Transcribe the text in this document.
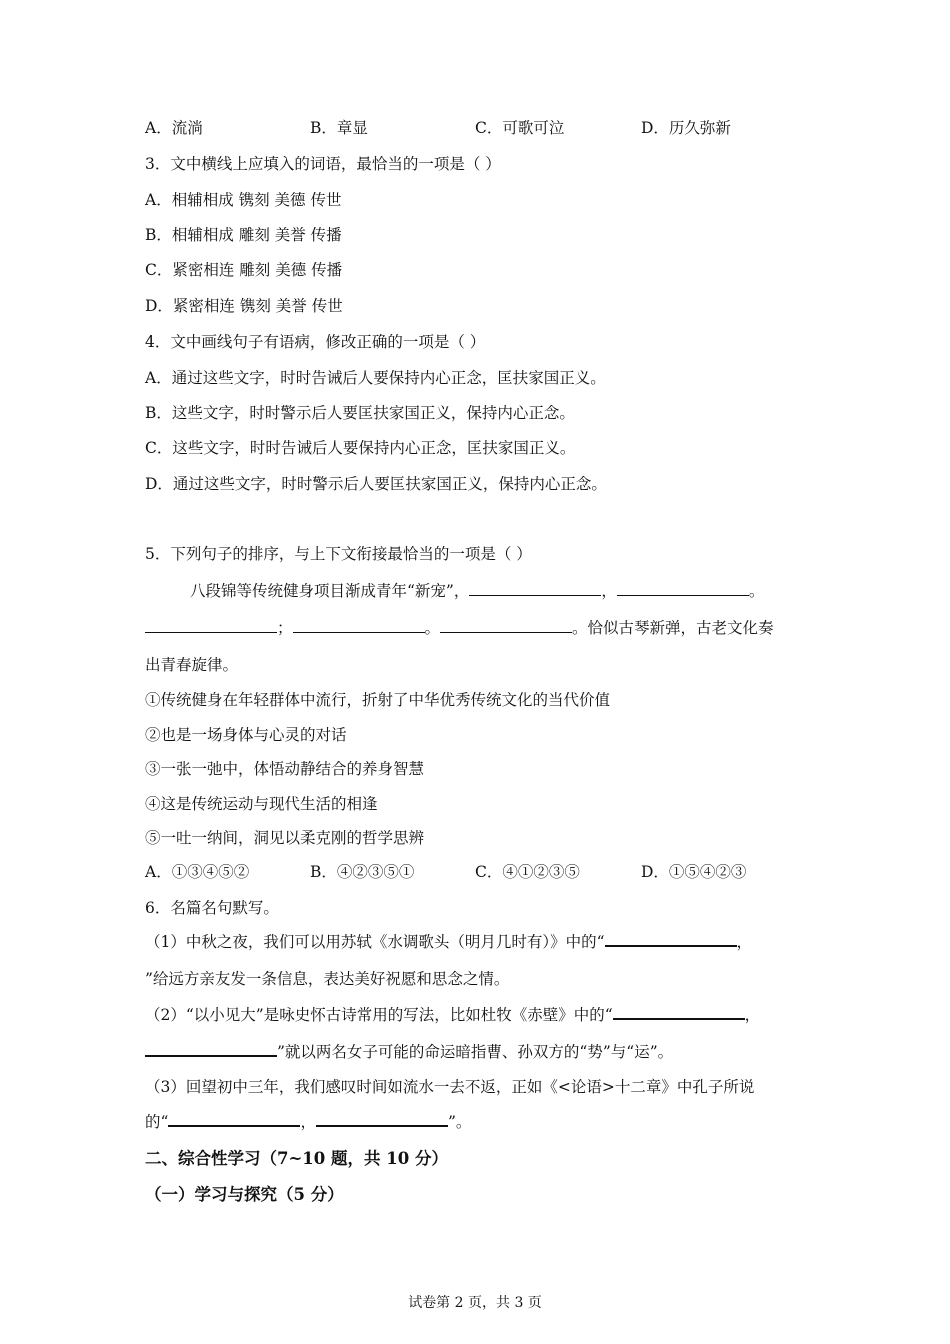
A．流淌	B．章显	C．可歌可泣	D．历久弥新
3．文中横线上应填入的词语，最恰当的一项是（ ）
A．相辅相成 镌刻 美德 传世
B．相辅相成 雕刻 美誉 传播
C．紧密相连 雕刻 美德 传播
D．紧密相连 镌刻 美誉 传世
4．文中画线句子有语病，修改正确的一项是（ ）
A．通过这些文字，时时告诫后人要保持内心正念，匡扶家国正义。
B．这些文字，时时警示后人要匡扶家国正义，保持内心正念。
C．这些文字，时时告诫后人要保持内心正念，匡扶家国正义。
D．通过这些文字，时时警示后人要匡扶家国正义，保持内心正念。
5．下列句子的排序，与上下文衔接最恰当的一项是（ ）
八段锦等传统健身项目渐成青年“新宠”，	，	。
；	。	。恰似古琴新弹，古老文化奏
出青春旋律。
①传统健身在年轻群体中流行，折射了中华优秀传统文化的当代价值
②也是一场身体与心灵的对话
③一张一弛中，体悟动静结合的养身智慧
④这是传统运动与现代生活的相逢
⑤一吐一纳间，洞见以柔克刚的哲学思辨
A．①③④⑤②	B．④②③⑤①	C．④①②③⑤	D．①⑤④②③
6．名篇名句默写。
（1）中秋之夜，我们可以用苏轼《水调歌头（明月几时有）》中的“	，
”给远方亲友发一条信息，表达美好祝愿和思念之情。
（2）“以小见大”是咏史怀古诗常用的写法，比如杜牧《赤壁》中的“	，
”就以两名女子可能的命运暗指曹、孙双方的“势”与“运”。
（3）回望初中三年，我们感叹时间如流水一去不返，正如《<论语>十二章》中孔子所说
的“	，	”。
二、综合性学习（7~10 题，共 10 分）
（一）学习与探究（5 分）
试卷第 2 页，共 3 页
